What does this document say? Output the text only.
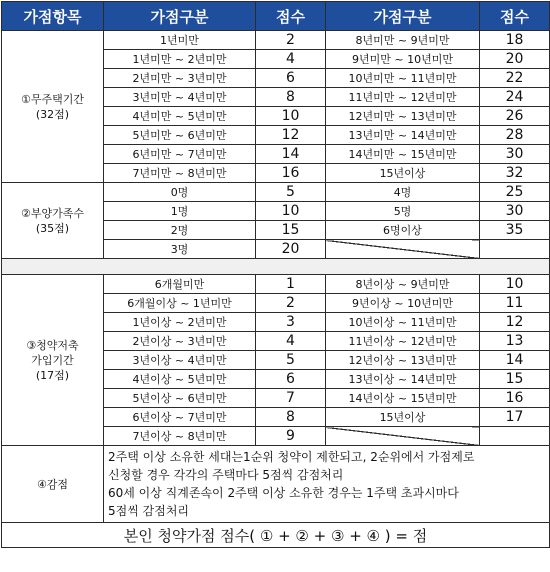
가점항목	가점구분	점수	가점구분	점수

①무주택기간
(32점)	1년미만	2	8년미만 ~ 9년미만	18
	1년미만 ~ 2년미만	4	9년미만 ~ 10년미만	20
	2년미만 ~ 3년미만	6	10년미만 ~ 11년미만	22
	3년미만 ~ 4년미만	8	11년미만 ~ 12년미만	24
	4년미만 ~ 5년미만	10	12년미만 ~ 13년미만	26
	5년미만 ~ 6년미만	12	13년미만 ~ 14년미만	28
	6년미만 ~ 7년미만	14	14년미만 ~ 15년미만	30
	7년미만 ~ 8년미만	16	15년이상	32

②부양가족수
(35점)	0명	5	4명	25
	1명	10	5명	30
	2명	15	6명이상	35
	3명	20		

③청약저축
가입기간
(17점)	6개월미만	1	8년이상 ~ 9년미만	10
	6개월이상 ~ 1년미만	2	9년이상 ~ 10년미만	11
	1년이상 ~ 2년미만	3	10년이상 ~ 11년미만	12
	2년이상 ~ 3년미만	4	11년이상 ~ 12년미만	13
	3년이상 ~ 4년미만	5	12년이상 ~ 13년미만	14
	4년이상 ~ 5년미만	6	13년이상 ~ 14년미만	15
	5년이상 ~ 6년미만	7	14년이상 ~ 15년미만	16
	6년이상 ~ 7년미만	8	15년이상	17
	7년이상 ~ 8년미만	9		
④감점	2주택 이상 소유한 세대는1순위 청약이 제한되고, 2순위에서 가점제로
신청할 경우 각각의 주택마다 5점씩 감점처리
60세 이상 직계존속이 2주택 이상 소유한 경우는 1주택 초과시마다
5점씩 감점처리			

본인 청약가점 점수( ① + ② + ③ + ④ ) = 점				
